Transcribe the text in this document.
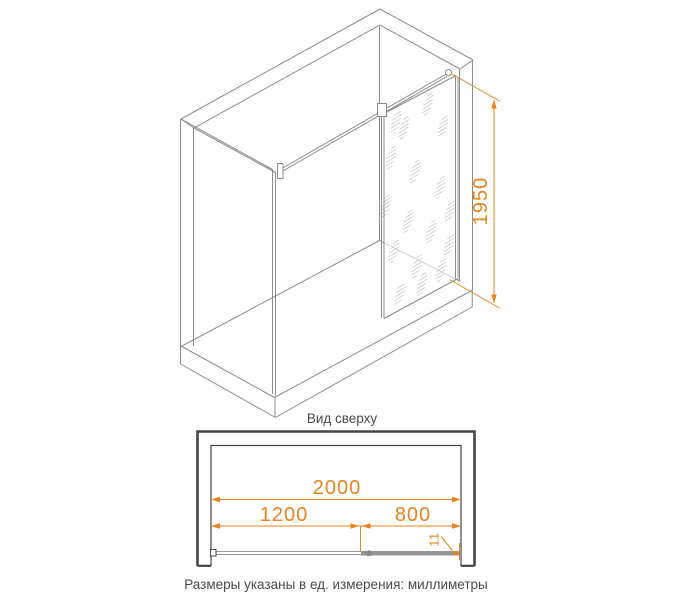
1950
Вид сверху
2000
1200	800
11
Размеры указаны в ед. измерения: миллиметры
